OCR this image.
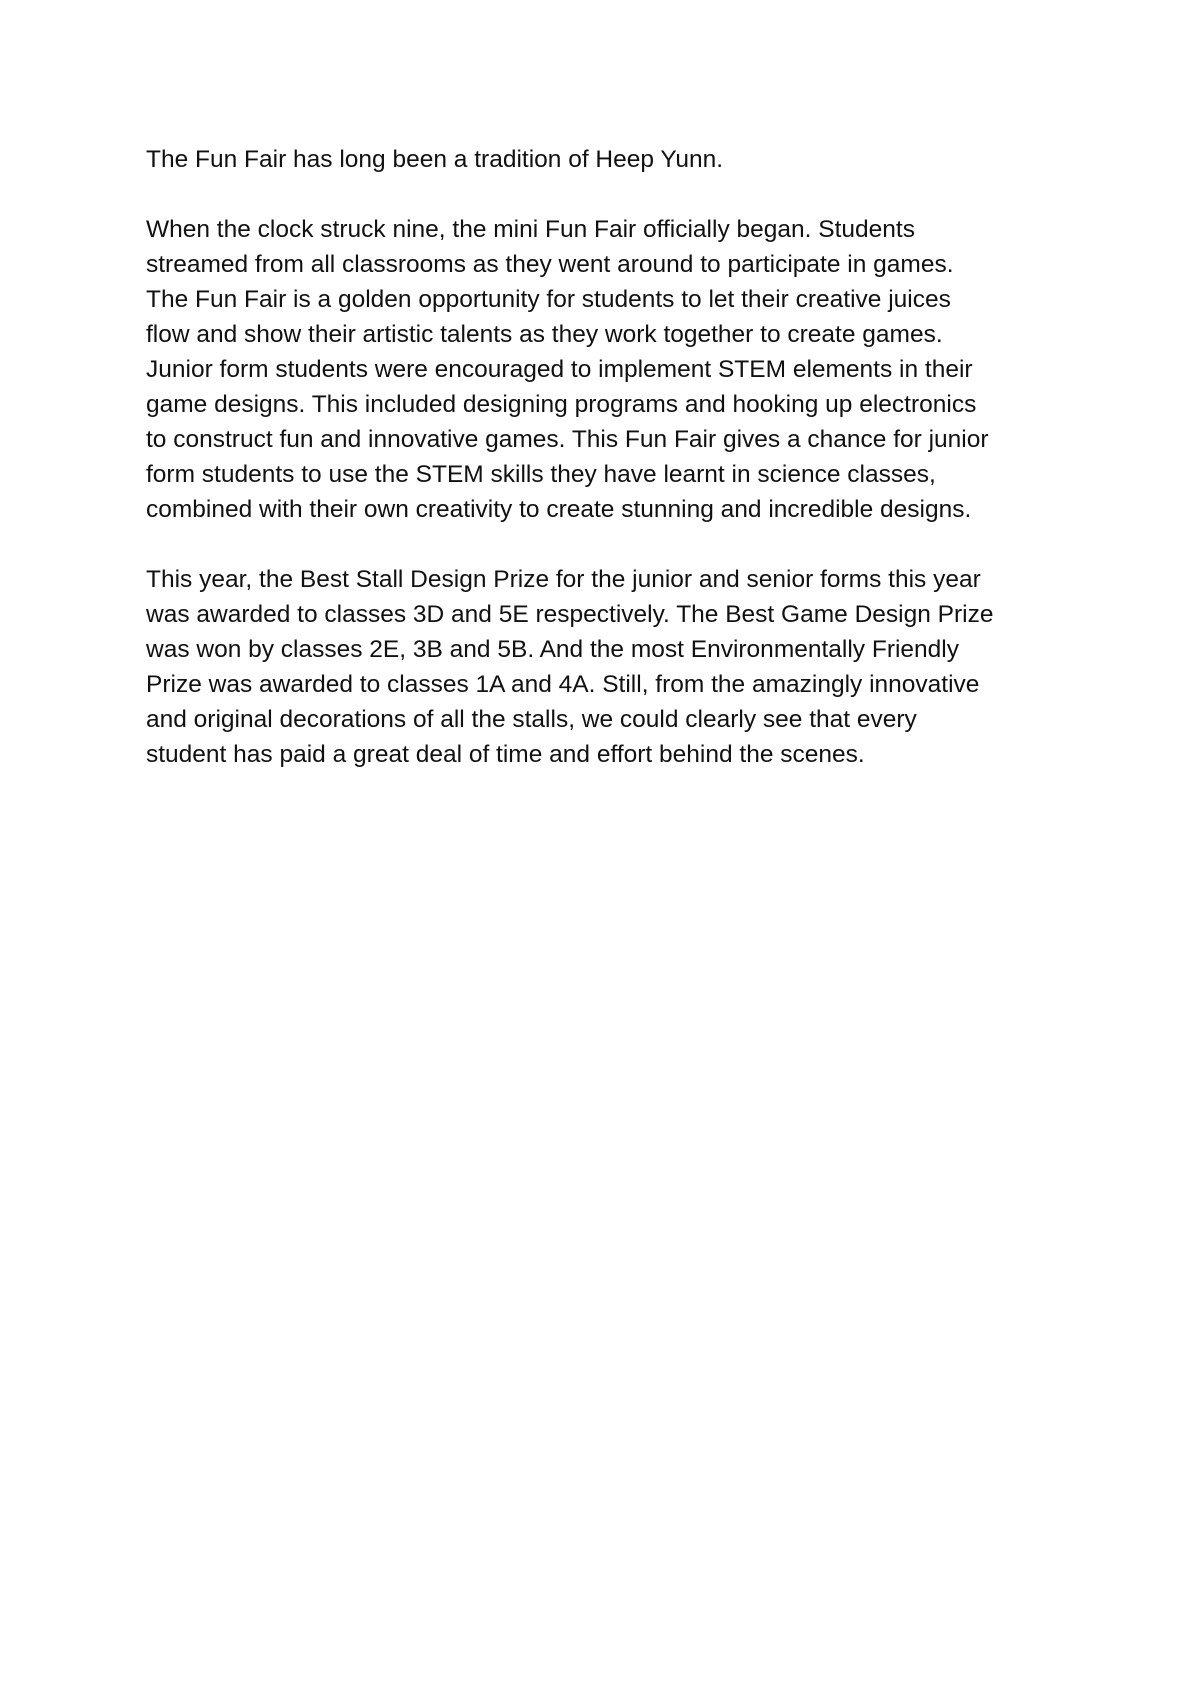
The Fun Fair has long been a tradition of Heep Yunn.

When the clock struck nine, the mini Fun Fair officially began. Students
streamed from all classrooms as they went around to participate in games.
The Fun Fair is a golden opportunity for students to let their creative juices
flow and show their artistic talents as they work together to create games.
Junior form students were encouraged to implement STEM elements in their
game designs. This included designing programs and hooking up electronics
to construct fun and innovative games. This Fun Fair gives a chance for junior
form students to use the STEM skills they have learnt in science classes,
combined with their own creativity to create stunning and incredible designs.

This year, the Best Stall Design Prize for the junior and senior forms this year
was awarded to classes 3D and 5E respectively. The Best Game Design Prize
was won by classes 2E, 3B and 5B. And the most Environmentally Friendly
Prize was awarded to classes 1A and 4A. Still, from the amazingly innovative
and original decorations of all the stalls, we could clearly see that every
student has paid a great deal of time and effort behind the scenes.
